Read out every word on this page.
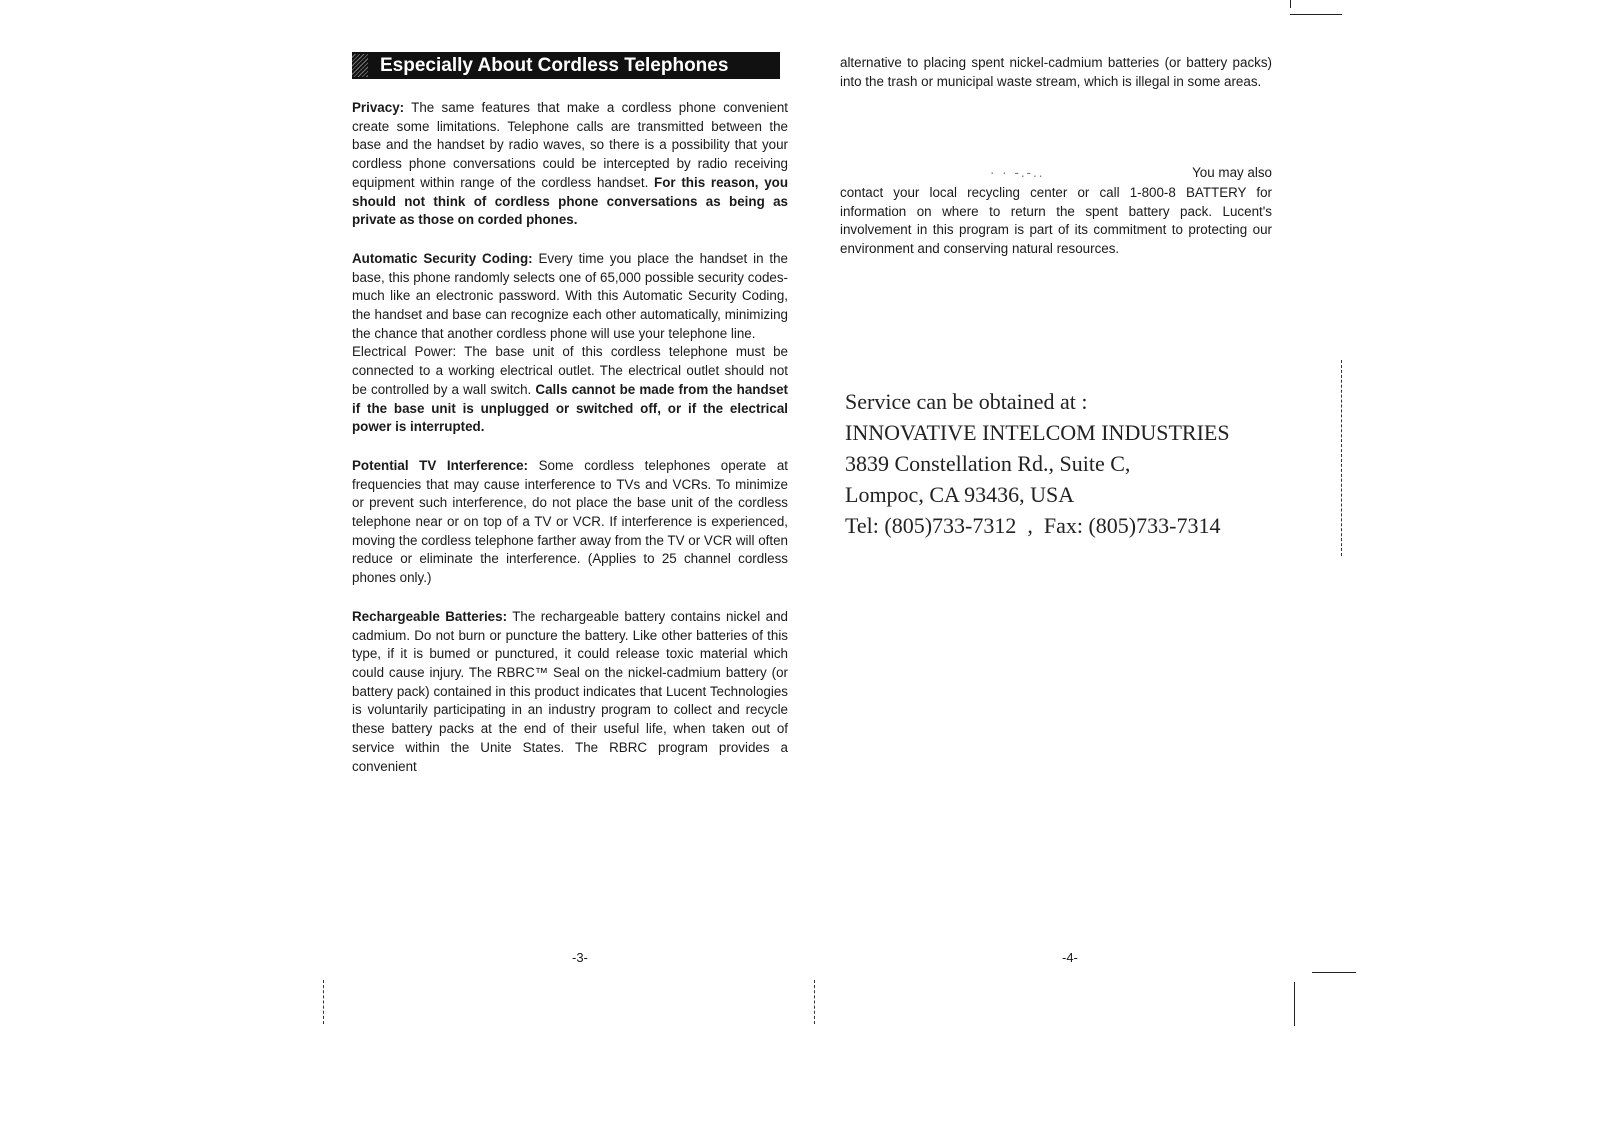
Especially About Cordless Telephones

Privacy: The same features that make a cordless phone convenient create some limitations. Telephone calls are transmitted between the base and the handset by radio waves, so there is a possibility that your cordless phone conversations could be intercepted by radio receiving equipment within range of the cordless handset. For this reason, you should not think of cordless phone conversations as being as private as those on corded phones.

Automatic Security Coding: Every time you place the handset in the base, this phone randomly selects one of 65,000 possible security codes-much like an electronic password. With this Automatic Security Coding, the handset and base can recognize each other automatically, minimizing the chance that another cordless phone will use your telephone line.

Electrical Power: The base unit of this cordless telephone must be connected to a working electrical outlet. The electrical outlet should not be controlled by a wall switch. Calls cannot be made from the handset if the base unit is unplugged or switched off, or if the electrical power is interrupted.

Potential TV Interference: Some cordless telephones operate at frequencies that may cause interference to TVs and VCRs. To minimize or prevent such interference, do not place the base unit of the cordless telephone near or on top of a TV or VCR. If interference is experienced, moving the cordless telephone farther away from the TV or VCR will often reduce or eliminate the interference. (Applies to 25 channel cordless phones only.)

Rechargeable Batteries: The rechargeable battery contains nickel and cadmium. Do not burn or puncture the battery. Like other batteries of this type, if it is bumed or punctured, it could release toxic material which could cause injury. The RBRC™ Seal on the nickel-cadmium battery (or battery pack) contained in this product indicates that Lucent Technologies is voluntarily participating in an industry program to collect and recycle these battery packs at the end of their useful life, when taken out of service within the Unite States. The RBRC program provides a convenient

-3-

alternative to placing spent nickel-cadmium batteries (or battery packs) into the trash or municipal waste stream, which is illegal in some areas.

· · -.-..	You may also

contact your local recycling center or call 1-800-8 BATTERY for information on where to return the spent battery pack. Lucent's involvement in this program is part of its commitment to protecting our environment and conserving natural resources.

Service can be obtained at :
INNOVATIVE INTELCOM INDUSTRIES
3839 Constellation Rd., Suite C,
Lompoc, CA 93436, USA
Tel: (805)733-7312  ,  Fax: (805)733-7314
-4-
